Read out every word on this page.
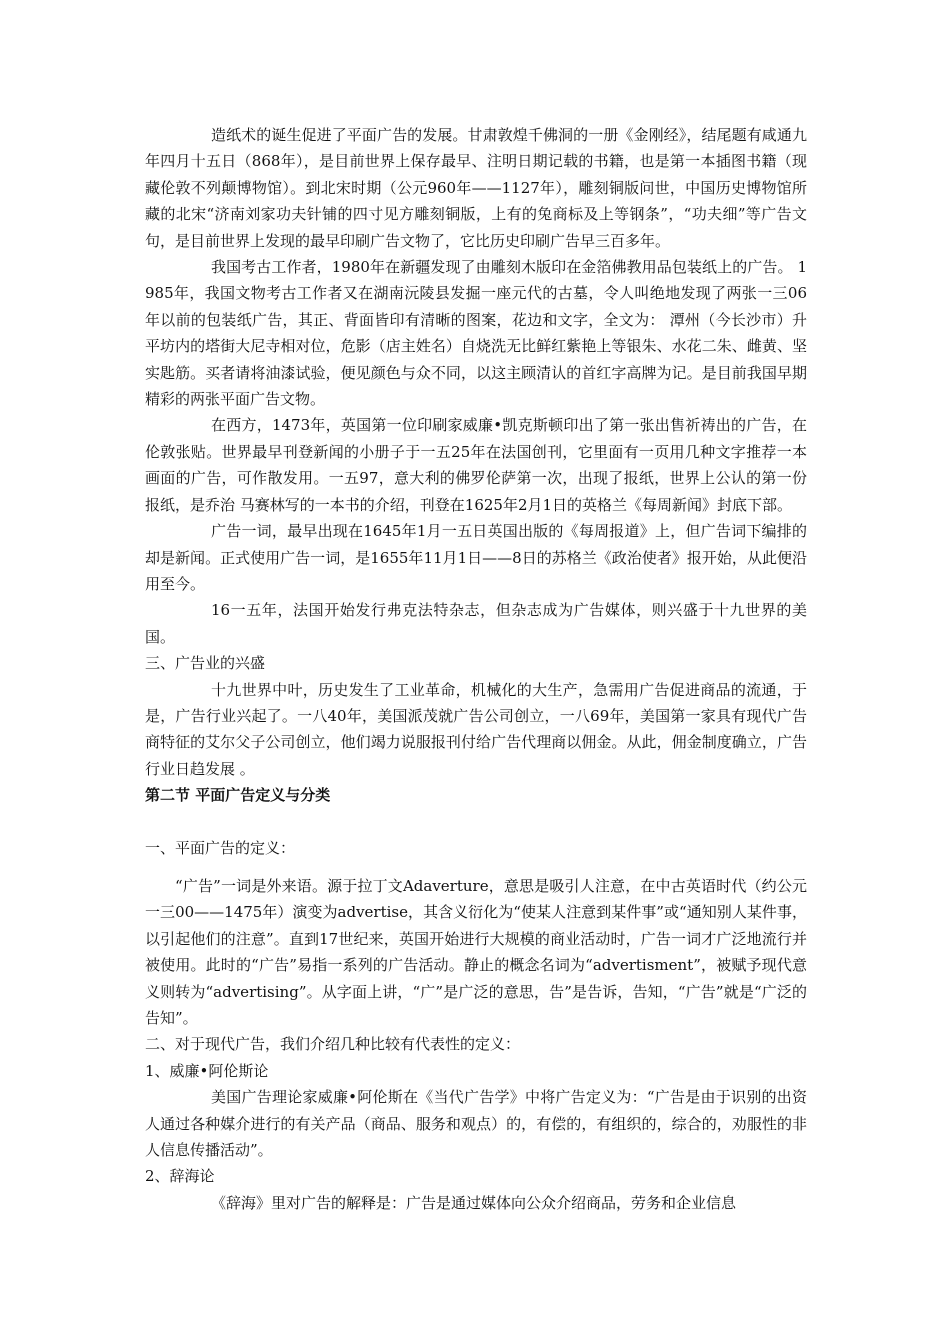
造纸术的诞生促进了平面广告的发展。甘肃敦煌千佛洞的一册《金刚经》，结尾题有咸通九年四月十五日（868年），是目前世界上保存最早、注明日期记载的书籍，也是第一本插图书籍（现藏伦敦不列颠博物馆）。到北宋时期（公元960年——1127年），雕刻铜版问世，中国历史博物馆所藏的北宋“济南刘家功夫针铺的四寸见方雕刻铜版，上有的兔商标及上等钢条”，“功夫细”等广告文句，是目前世界上发现的最早印刷广告文物了，它比历史印刷广告早三百多年。

我国考古工作者，1980年在新疆发现了由雕刻木版印在金箔佛教用品包装纸上的广告。 1985年，我国文物考古工作者又在湖南沅陵县发掘一座元代的古墓，令人叫绝地发现了两张一三06年以前的包装纸广告，其正、背面皆印有清晰的图案，花边和文字，全文为： 潭州（今长沙市）升平坊内的塔街大尼寺相对位，危影（店主姓名）自烧洗无比鲜红紫艳上等银朱、水花二朱、雌黄、坚实匙筋。买者请将油漆试验，便见颜色与众不同，以这主顾清认的首红字高牌为记。是目前我国早期精彩的两张平面广告文物。

在西方，1473年，英国第一位印刷家威廉•凯克斯顿印出了第一张出售祈祷出的广告，在伦敦张贴。世界最早刊登新闻的小册子于一五25年在法国创刊，它里面有一页用几种文字推荐一本画面的广告，可作散发用。一五97，意大利的佛罗伦萨第一次，出现了报纸，世界上公认的第一份报纸，是乔治 马赛林写的一本书的介绍，刊登在1625年2月1日的英格兰《每周新闻》封底下部。

广告一词，最早出现在1645年1月一五日英国出版的《每周报道》上，但广告词下编排的却是新闻。正式使用广告一词，是1655年11月1日——8日的苏格兰《政治使者》报开始，从此便沿用至今。

16一五年，法国开始发行弗克法特杂志，但杂志成为广告媒体，则兴盛于十九世界的美国。

三、广告业的兴盛

十九世界中叶，历史发生了工业革命，机械化的大生产，急需用广告促进商品的流通，于是，广告行业兴起了。一八40年，美国派茂就广告公司创立，一八69年，美国第一家具有现代广告商特征的艾尔父子公司创立，他们竭力说服报刊付给广告代理商以佣金。从此，佣金制度确立，广告行业日趋发展 。

第二节 平面广告定义与分类

一、平面广告的定义：

“广告”一词是外来语。源于拉丁文Adaverture，意思是吸引人注意，在中古英语时代（约公元一三00——1475年）演变为advertise，其含义衍化为“使某人注意到某件事”或“通知别人某件事，以引起他们的注意”。直到17世纪来，英国开始进行大规模的商业活动时，广告一词才广泛地流行并被使用。此时的“广告”易指一系列的广告活动。静止的概念名词为“advertisment”，被赋予现代意义则转为“advertising”。从字面上讲，“广”是广泛的意思，告”是告诉，告知，“广告”就是“广泛的告知”。

二、对于现代广告，我们介绍几种比较有代表性的定义：

1、威廉•阿伦斯论

美国广告理论家威廉•阿伦斯在《当代广告学》中将广告定义为：“广告是由于识别的出资人通过各种媒介进行的有关产品（商品、服务和观点）的，有偿的，有组织的，综合的，劝服性的非人信息传播活动”。

2、辞海论

《辞海》里对广告的解释是：广告是通过媒体向公众介绍商品，劳务和企业信息
